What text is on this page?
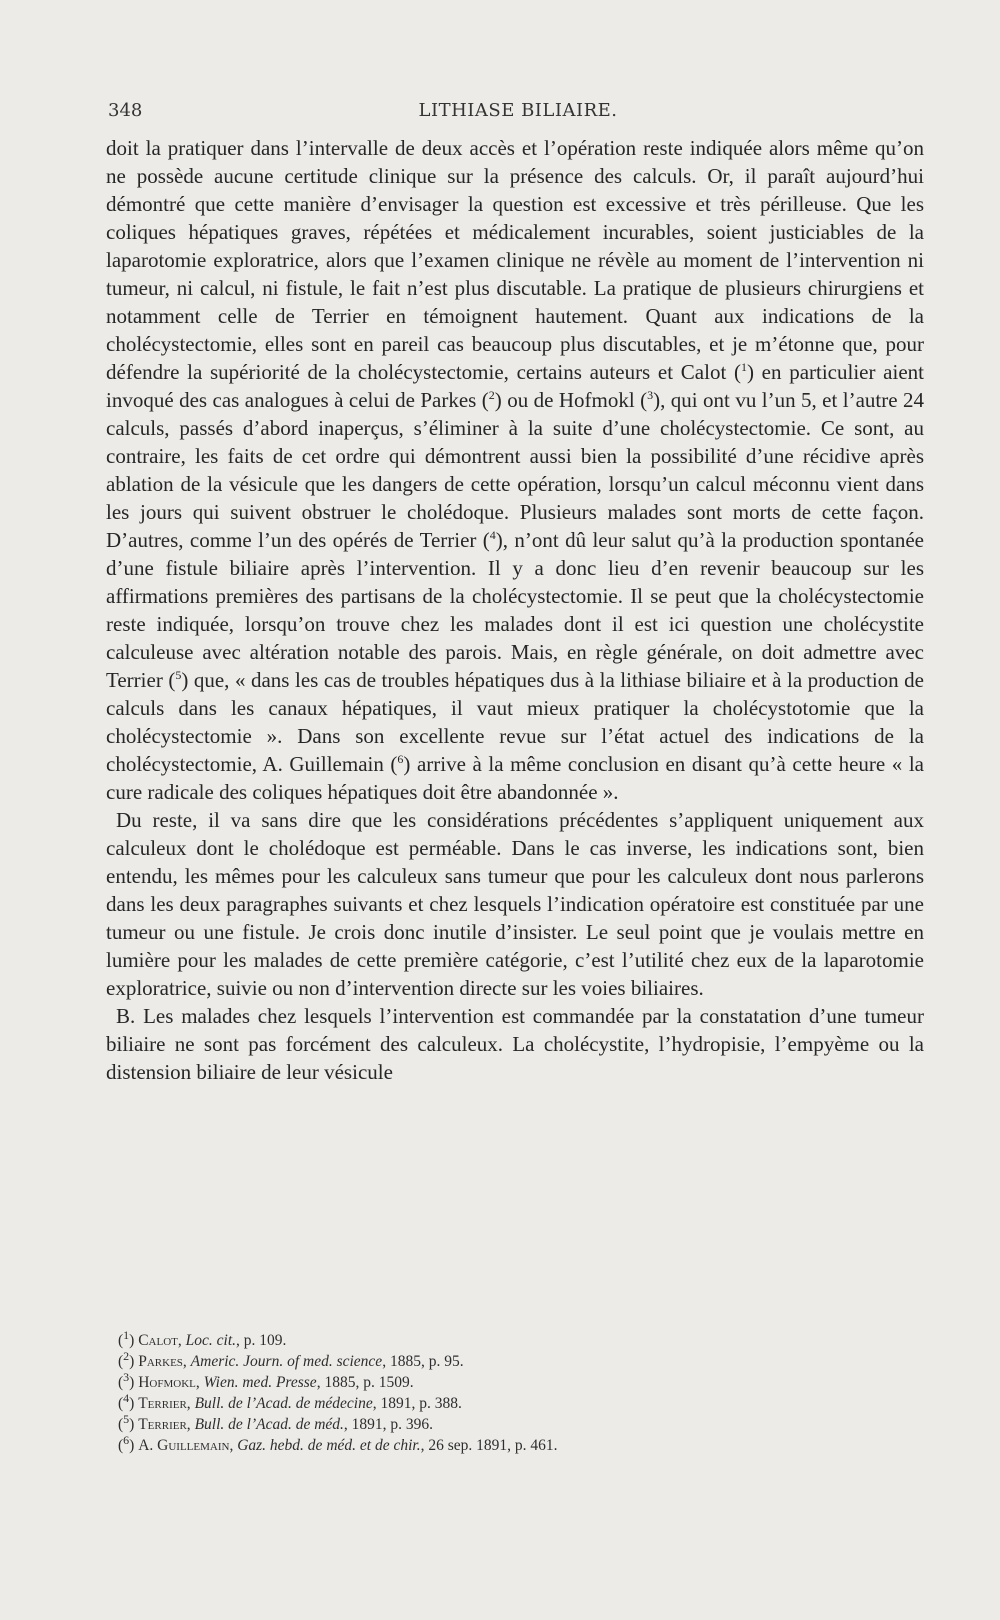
348	LITHIASE BILIAIRE.

doit la pratiquer dans l’intervalle de deux accès et l’opération reste indiquée alors même qu’on ne possède aucune certitude clinique sur la présence des calculs. Or, il paraît aujourd’hui démontré que cette manière d’envisager la question est excessive et très périlleuse. Que les coliques hépatiques graves, répétées et médicalement incurables, soient justiciables de la laparotomie exploratrice, alors que l’examen clinique ne révèle au moment de l’intervention ni tumeur, ni calcul, ni fistule, le fait n’est plus discutable. La pratique de plusieurs chirurgiens et notamment celle de Terrier en témoignent hautement. Quant aux indications de la cholécystectomie, elles sont en pareil cas beaucoup plus discutables, et je m’étonne que, pour défendre la supériorité de la cholécystectomie, certains auteurs et Calot ($^1$) en particulier aient invoqué des cas analogues à celui de Parkes ($^2$) ou de Hofmokl ($^3$), qui ont vu l’un 5, et l’autre 24 calculs, passés d’abord inaperçus, s’éliminer à la suite d’une cholécystectomie. Ce sont, au contraire, les faits de cet ordre qui démontrent aussi bien la possibilité d’une récidive après ablation de la vésicule que les dangers de cette opération, lorsqu’un calcul méconnu vient dans les jours qui suivent obstruer le cholédoque. Plusieurs malades sont morts de cette façon. D’autres, comme l’un des opérés de Terrier ($^4$), n’ont dû leur salut qu’à la production spontanée d’une fistule biliaire après l’intervention. Il y a donc lieu d’en revenir beaucoup sur les affirmations premières des partisans de la cholécystectomie. Il se peut que la cholécystectomie reste indiquée, lorsqu’on trouve chez les malades dont il est ici question une cholécystite calculeuse avec altération notable des parois. Mais, en règle générale, on doit admettre avec Terrier ($^5$) que, « dans les cas de troubles hépatiques dus à la lithiase biliaire et à la production de calculs dans les canaux hépatiques, il vaut mieux pratiquer la cholécystotomie que la cholécystectomie ». Dans son excellente revue sur l’état actuel des indications de la cholécystectomie, A. Guillemain ($^6$) arrive à la même conclusion en disant qu’à cette heure « la cure radicale des coliques hépatiques doit être abandonnée ».

Du reste, il va sans dire que les considérations précédentes s’appliquent uniquement aux calculeux dont le cholédoque est perméable. Dans le cas inverse, les indications sont, bien entendu, les mêmes pour les calculeux sans tumeur que pour les calculeux dont nous parlerons dans les deux paragraphes suivants et chez lesquels l’indication opératoire est constituée par une tumeur ou une fistule. Je crois donc inutile d’insister. Le seul point que je voulais mettre en lumière pour les malades de cette première catégorie, c’est l’utilité chez eux de la laparotomie exploratrice, suivie ou non d’intervention directe sur les voies biliaires.

B. Les malades chez lesquels l’intervention est commandée par la constatation d’une tumeur biliaire ne sont pas forcément des calculeux. La cholécystite, l’hydropisie, l’empyème ou la distension biliaire de leur vésicule

($^1$) Calot, Loc. cit., p. 109.
($^2$) Parkes, Americ. Journ. of med. science, 1885, p. 95.
($^3$) Hofmokl, Wien. med. Presse, 1885, p. 1509.
($^4$) Terrier, Bull. de l’Acad. de médecine, 1891, p. 388.
($^5$) Terrier, Bull. de l’Acad. de méd., 1891, p. 396.
($^6$) A. Guillemain, Gaz. hebd. de méd. et de chir., 26 sep. 1891, p. 461.
